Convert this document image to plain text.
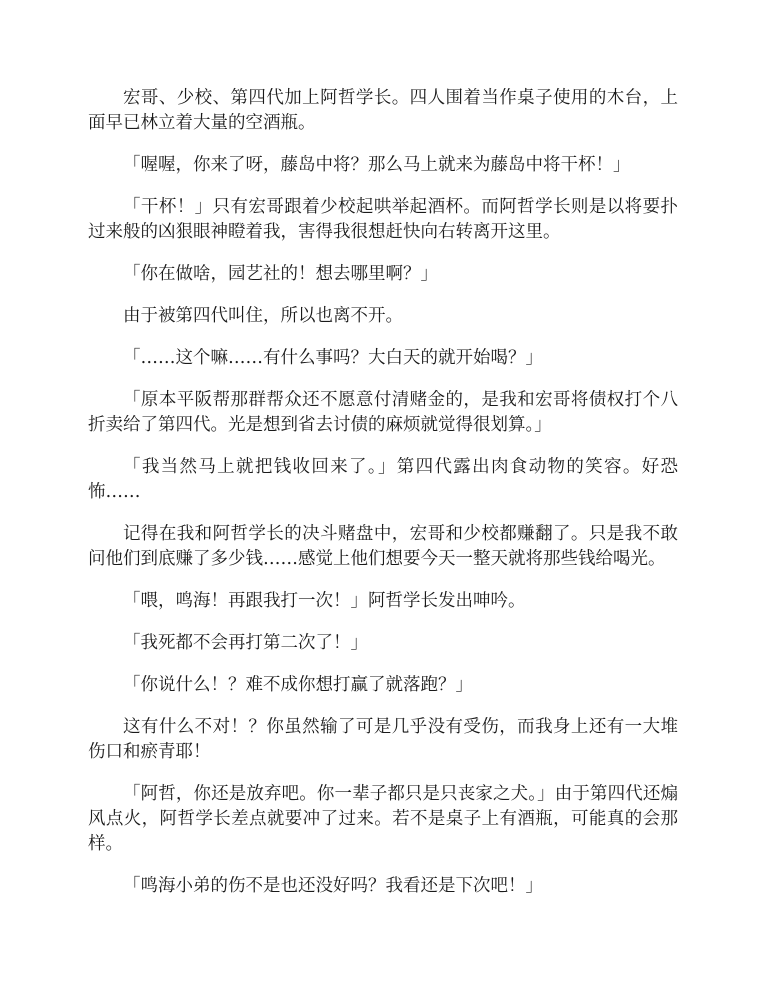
宏哥、少校、第四代加上阿哲学长。四人围着当作桌子使用的木台，上面早已林立着大量的空酒瓶。

「喔喔，你来了呀，藤岛中将？那么马上就来为藤岛中将干杯！」

「干杯！」只有宏哥跟着少校起哄举起酒杯。而阿哲学长则是以将要扑过来般的凶狠眼神瞪着我，害得我很想赶快向右转离开这里。

「你在做啥，园艺社的！想去哪里啊？」

由于被第四代叫住，所以也离不开。

「……这个嘛……有什么事吗？大白天的就开始喝？」

「原本平阪帮那群帮众还不愿意付清赌金的，是我和宏哥将债权打个八折卖给了第四代。光是想到省去讨债的麻烦就觉得很划算。」

「我当然马上就把钱收回来了。」第四代露出肉食动物的笑容。好恐怖……

记得在我和阿哲学长的决斗赌盘中，宏哥和少校都赚翻了。只是我不敢问他们到底赚了多少钱……感觉上他们想要今天一整天就将那些钱给喝光。

「喂，鸣海！再跟我打一次！」阿哲学长发出呻吟。

「我死都不会再打第二次了！」

「你说什么！？难不成你想打赢了就落跑？」

这有什么不对！？你虽然输了可是几乎没有受伤，而我身上还有一大堆伤口和瘀青耶！

「阿哲，你还是放弃吧。你一辈子都只是只丧家之犬。」由于第四代还煽风点火，阿哲学长差点就要冲了过来。若不是桌子上有酒瓶，可能真的会那样。

「鸣海小弟的伤不是也还没好吗？我看还是下次吧！」
